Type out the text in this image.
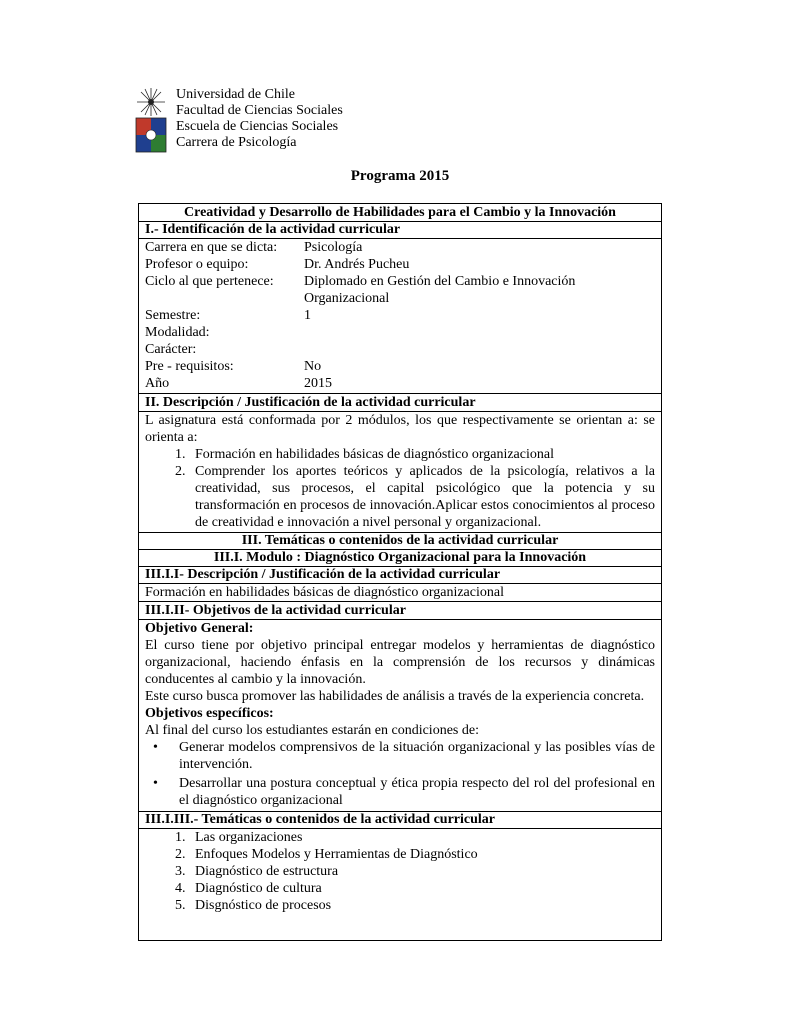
Universidad de Chile
Facultad de Ciencias Sociales
Escuela de Ciencias Sociales
Carrera de Psicología
Programa 2015
Creatividad y Desarrollo de Habilidades para el Cambio y la Innovación
I.- Identificación de la actividad curricular
Carrera en que se dicta:	Psicología
Profesor o equipo:	Dr. Andrés Pucheu
Ciclo al que pertenece:	Diplomado en Gestión del Cambio e Innovación Organizacional
Semestre:	1
Modalidad:
Carácter:
Pre - requisitos:	No
Año	2015
II. Descripción / Justificación de la actividad curricular
L asignatura está conformada por 2 módulos, los que respectivamente se orientan a: se orienta a:
1. Formación en habilidades básicas de diagnóstico organizacional
2. Comprender los aportes teóricos y aplicados de la psicología, relativos a la creatividad, sus procesos, el capital psicológico que la potencia y su transformación en procesos de innovación.Aplicar estos conocimientos al proceso de creatividad e innovación a nivel personal y organizacional.
III. Temáticas o contenidos de la actividad curricular
III.I. Modulo : Diagnóstico Organizacional para la Innovación
III.I.I- Descripción / Justificación de la actividad curricular
Formación en habilidades básicas de diagnóstico organizacional
III.I.II- Objetivos de la actividad curricular
Objetivo General:
El curso tiene por objetivo principal entregar modelos y herramientas de diagnóstico organizacional, haciendo énfasis en la comprensión de los recursos y dinámicas conducentes al cambio y la innovación.
Este curso busca promover las habilidades de análisis a través de la experiencia concreta.
Objetivos específicos:
Al final del curso los estudiantes estarán en condiciones de:
• Generar modelos comprensivos de la situación organizacional y las posibles vías de intervención.
• Desarrollar una postura conceptual y ética propia respecto del rol del profesional en el diagnóstico organizacional
III.I.III.- Temáticas o contenidos de la actividad curricular
1. Las organizaciones
2. Enfoques Modelos y Herramientas de Diagnóstico
3. Diagnóstico de estructura
4. Diagnóstico de cultura
5. Disgnóstico de procesos
